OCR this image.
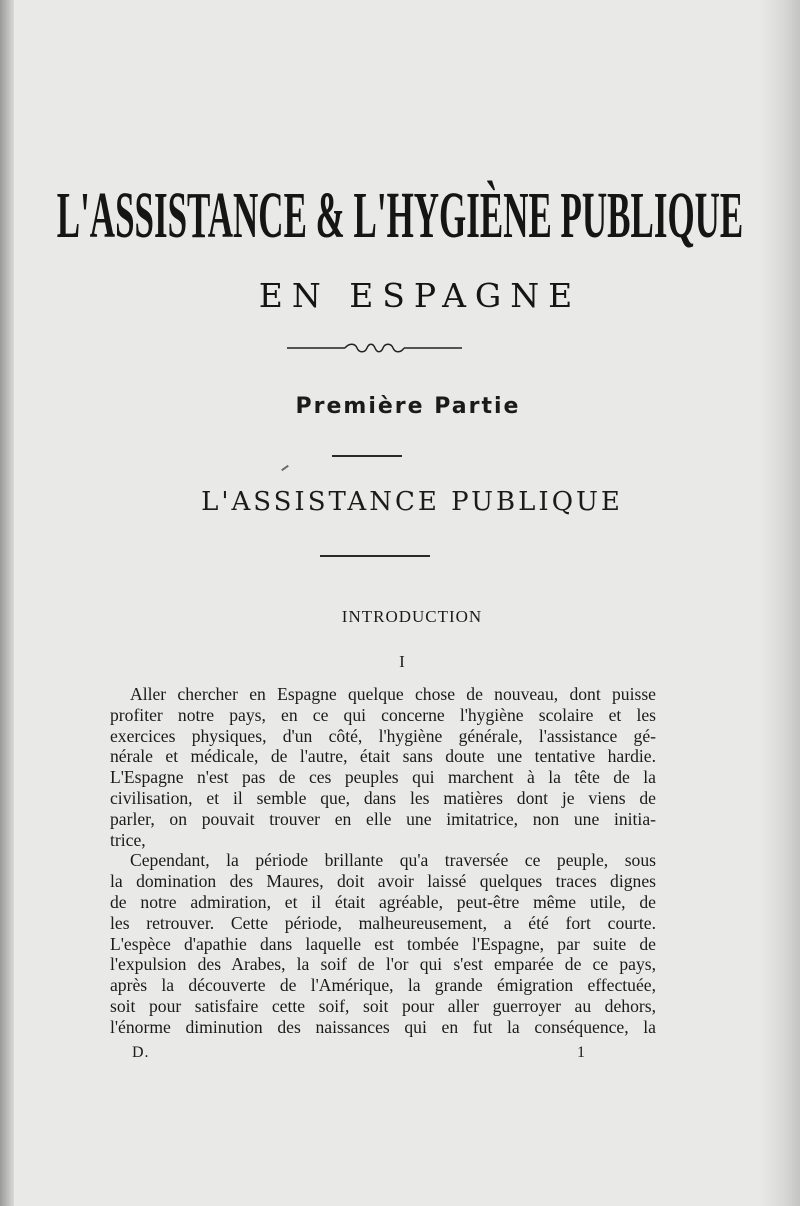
L'ASSISTANCE & L'HYGIÈNE PUBLIQUE
EN ESPAGNE
Première Partie
L'ASSISTANCE PUBLIQUE
INTRODUCTION
I
Aller chercher en Espagne quelque chose de nouveau, dont puisse
profiter notre pays, en ce qui concerne l'hygiène scolaire et les
exercices physiques, d'un côté, l'hygiène générale, l'assistance gé-
nérale et médicale, de l'autre, était sans doute une tentative hardie.
L'Espagne n'est pas de ces peuples qui marchent à la tête de la
civilisation, et il semble que, dans les matières dont je viens de
parler, on pouvait trouver en elle une imitatrice, non une initia-
trice,
Cependant, la période brillante qu'a traversée ce peuple, sous
la domination des Maures, doit avoir laissé quelques traces dignes
de notre admiration, et il était agréable, peut-être même utile, de
les retrouver. Cette période, malheureusement, a été fort courte.
L'espèce d'apathie dans laquelle est tombée l'Espagne, par suite de
l'expulsion des Arabes, la soif de l'or qui s'est emparée de ce pays,
après la découverte de l'Amérique, la grande émigration effectuée,
soit pour satisfaire cette soif, soit pour aller guerroyer au dehors,
l'énorme diminution des naissances qui en fut la conséquence, la
D.	1
